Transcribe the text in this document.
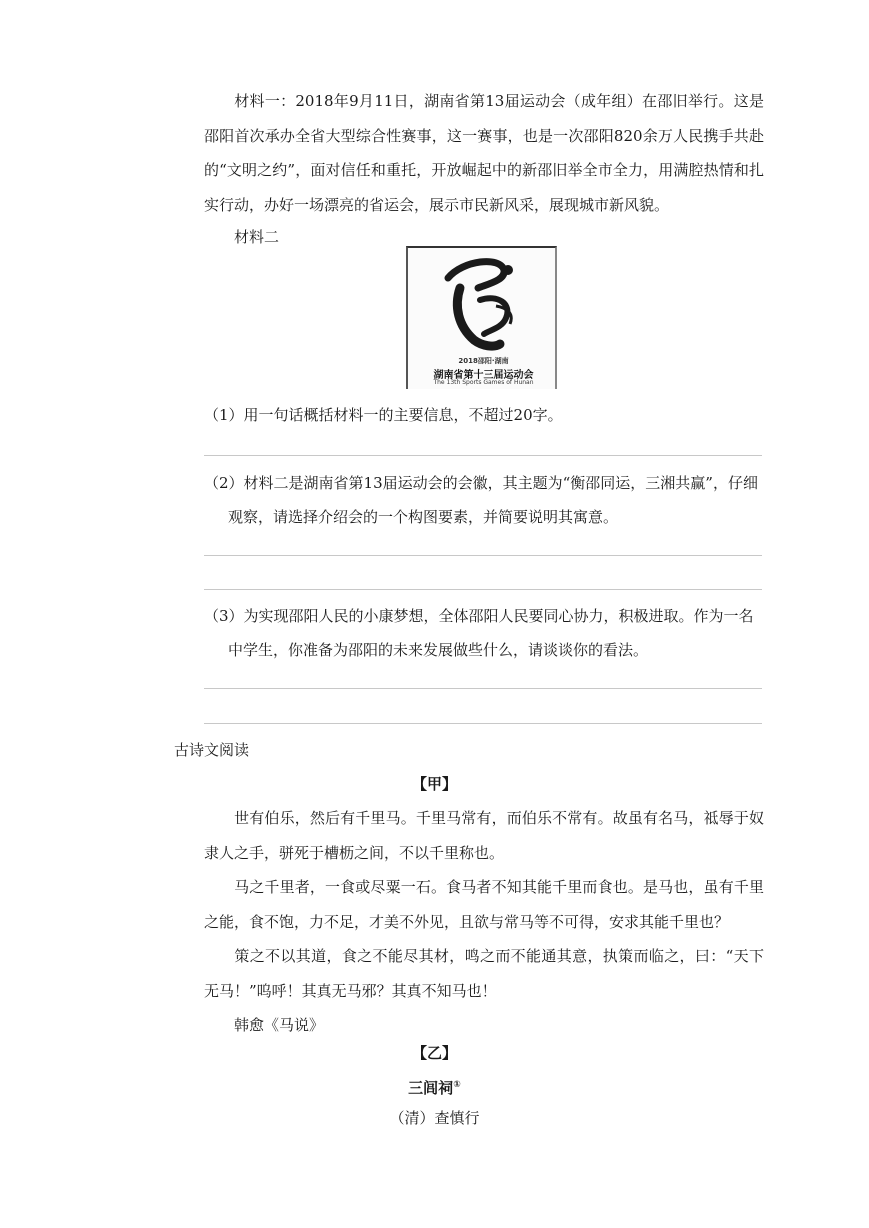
材料一：2018年9月11日，湖南省第13届运动会（成年组）在邵旧举行。这是邵阳首次承办全省大型综合性赛事，这一赛事，也是一次邵阳820余万人民携手共赴的“文明之约”，面对信任和重托，开放崛起中的新邵旧举全市全力，用满腔热情和扎实行动，办好一场漂亮的省运会，展示市民新风采，展现城市新风貌。
材料二
2018邵阳·湖南
湖南省第十三届运动会
The 13th Sports Games of Hunan
（1）用一句话概括材料一的主要信息，不超过20字。
（2）材料二是湖南省第13届运动会的会徽，其主题为“衡邵同运，三湘共赢”，仔细观察，请选择介绍会的一个构图要素，并简要说明其寓意。
（3）为实现邵阳人民的小康梦想，全体邵阳人民要同心协力，积极进取。作为一名中学生，你准备为邵阳的未来发展做些什么，请谈谈你的看法。
古诗文阅读
【甲】
世有伯乐，然后有千里马。千里马常有，而伯乐不常有。故虽有名马，祗辱于奴隶人之手，骈死于槽枥之间，不以千里称也。
马之千里者，一食或尽粟一石。食马者不知其能千里而食也。是马也，虽有千里之能，食不饱，力不足，才美不外见，且欲与常马等不可得，安求其能千里也？
策之不以其道，食之不能尽其材，鸣之而不能通其意，执策而临之，曰：“天下无马！”呜呼！其真无马邪？其真不知马也！
韩愈《马说》
【乙】
三闾祠①
（清）查慎行
